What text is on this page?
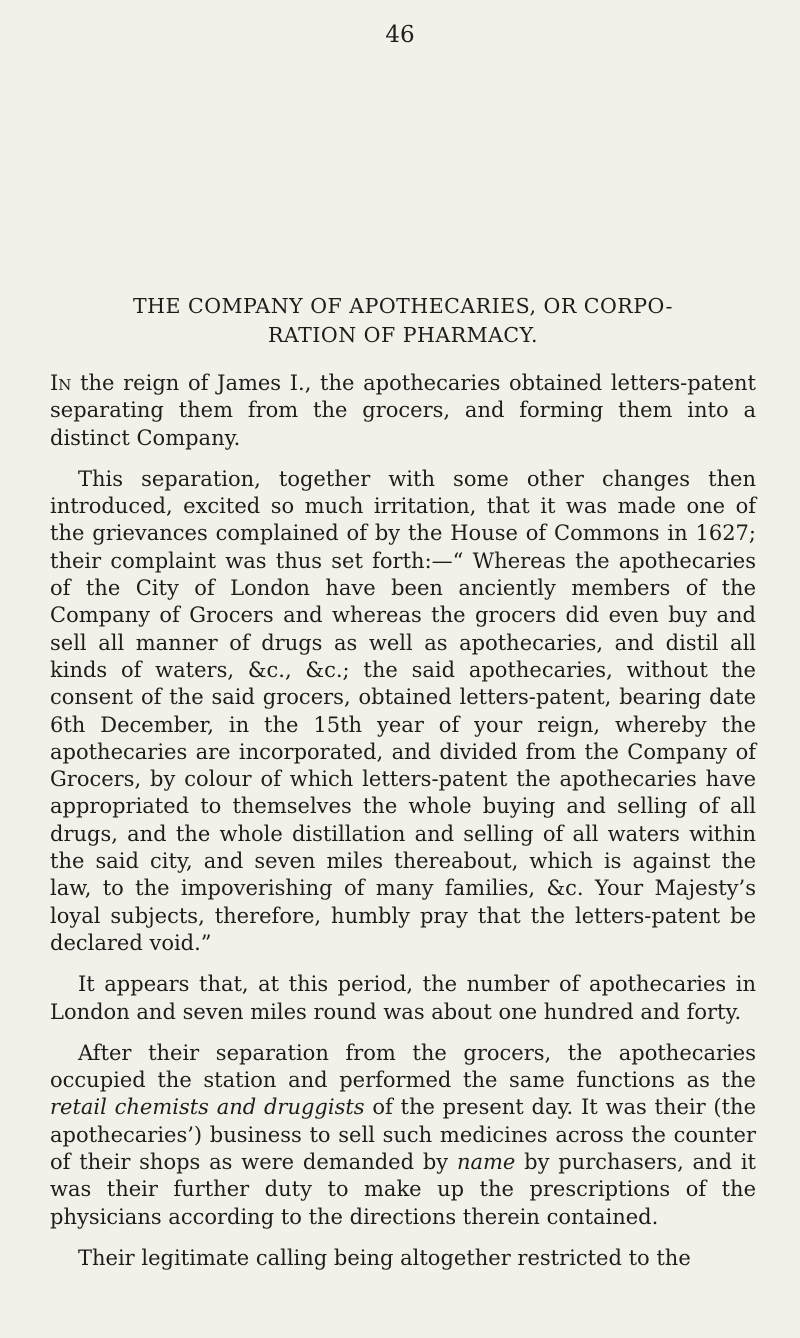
46
THE COMPANY OF APOTHECARIES, OR CORPO-
RATION OF PHARMACY.

In the reign of James I., the apothecaries obtained letters-patent separating them from the grocers, and forming them into a distinct Company.

This separation, together with some other changes then introduced, excited so much irritation, that it was made one of the grievances complained of by the House of Commons in 1627; their complaint was thus set forth:—“ Whereas the apothecaries of the City of London have been anciently members of the Company of Grocers and whereas the grocers did even buy and sell all manner of drugs as well as apothecaries, and distil all kinds of waters, &c., &c.; the said apothecaries, without the consent of the said grocers, obtained letters-patent, bearing date 6th December, in the 15th year of your reign, whereby the apothecaries are incorporated, and divided from the Company of Grocers, by colour of which letters-patent the apothecaries have appropriated to themselves the whole buying and selling of all drugs, and the whole distillation and selling of all waters within the said city, and seven miles thereabout, which is against the law, to the impoverishing of many families, &c. Your Majesty’s loyal subjects, therefore, humbly pray that the letters-patent be declared void.”

It appears that, at this period, the number of apothecaries in London and seven miles round was about one hundred and forty.

After their separation from the grocers, the apothecaries occupied the station and performed the same functions as the retail chemists and druggists of the present day. It was their (the apothecaries’) business to sell such medicines across the counter of their shops as were demanded by name by purchasers, and it was their further duty to make up the prescriptions of the physicians according to the directions therein contained.

Their legitimate calling being altogether restricted to the
